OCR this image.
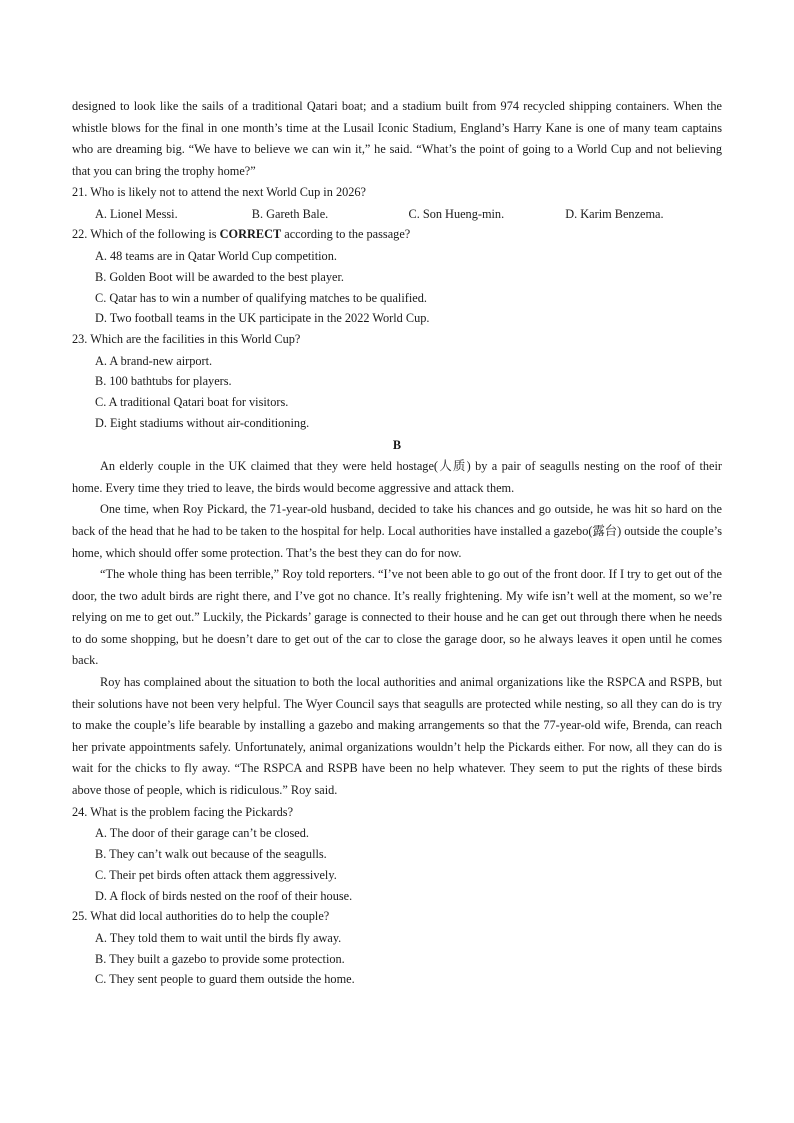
designed to look like the sails of a traditional Qatari boat; and a stadium built from 974 recycled shipping containers. When the whistle blows for the final in one month’s time at the Lusail Iconic Stadium, England’s Harry Kane is one of many team captains who are dreaming big. “We have to believe we can win it,” he said. “What’s the point of going to a World Cup and not believing that you can bring the trophy home?”

21. Who is likely not to attend the next World Cup in 2026?

A. Lionel Messi.	B. Gareth Bale.	C. Son Hueng-min.	D. Karim Benzema.

22. Which of the following is CORRECT according to the passage?

A. 48 teams are in Qatar World Cup competition.

B. Golden Boot will be awarded to the best player.

C. Qatar has to win a number of qualifying matches to be qualified.

D. Two football teams in the UK participate in the 2022 World Cup.

23. Which are the facilities in this World Cup?

A. A brand-new airport.

B. 100 bathtubs for players.

C. A traditional Qatari boat for visitors.

D. Eight stadiums without air-conditioning.

B

An elderly couple in the UK claimed that they were held hostage(人质) by a pair of seagulls nesting on the roof of their home. Every time they tried to leave, the birds would become aggressive and attack them.

One time, when Roy Pickard, the 71-year-old husband, decided to take his chances and go outside, he was hit so hard on the back of the head that he had to be taken to the hospital for help. Local authorities have installed a gazebo(露台) outside the couple’s home, which should offer some protection. That’s the best they can do for now.

“The whole thing has been terrible,” Roy told reporters. “I’ve not been able to go out of the front door. If I try to get out of the door, the two adult birds are right there, and I’ve got no chance. It’s really frightening. My wife isn’t well at the moment, so we’re relying on me to get out.” Luckily, the Pickards’ garage is connected to their house and he can get out through there when he needs to do some shopping, but he doesn’t dare to get out of the car to close the garage door, so he always leaves it open until he comes back.

Roy has complained about the situation to both the local authorities and animal organizations like the RSPCA and RSPB, but their solutions have not been very helpful. The Wyer Council says that seagulls are protected while nesting, so all they can do is try to make the couple’s life bearable by installing a gazebo and making arrangements so that the 77-year-old wife, Brenda, can reach her private appointments safely. Unfortunately, animal organizations wouldn’t help the Pickards either. For now, all they can do is wait for the chicks to fly away. “The RSPCA and RSPB have been no help whatever. They seem to put the rights of these birds above those of people, which is ridiculous.” Roy said.

24. What is the problem facing the Pickards?

A. The door of their garage can’t be closed.

B. They can’t walk out because of the seagulls.

C. Their pet birds often attack them aggressively.

D. A flock of birds nested on the roof of their house.

25. What did local authorities do to help the couple?

A. They told them to wait until the birds fly away.

B. They built a gazebo to provide some protection.

C. They sent people to guard them outside the home.
